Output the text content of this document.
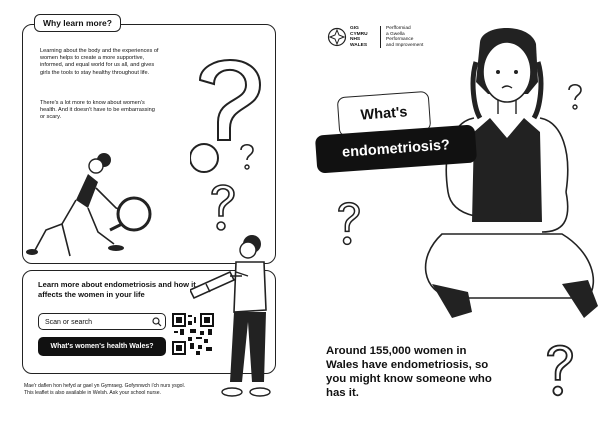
Why learn more?
Learning about the body and the experiences of women helps to create a more supportive, informed, and equal world for us all, and gives girls the tools to stay healthy throughout life.
There's a lot more to know about women's health. And it doesn't have to be embarrassing or scary.
Learn more about endometriosis and how it affects the women in your life
Scan or search
What's women's health Wales?
Mae'r daflen hon hefyd ar gael yn Gymraeg. Gofynnwch i'ch nurs ysgol.
This leaflet is also available in Welsh. Ask your school nurse.
GIG
CYMRU
NHS
WALES
Perfformiad
a Gwella
Performance
and Improvement
What's
endometriosis?
Around 155,000 women in Wales have endometriosis, so you might know someone who has it.
